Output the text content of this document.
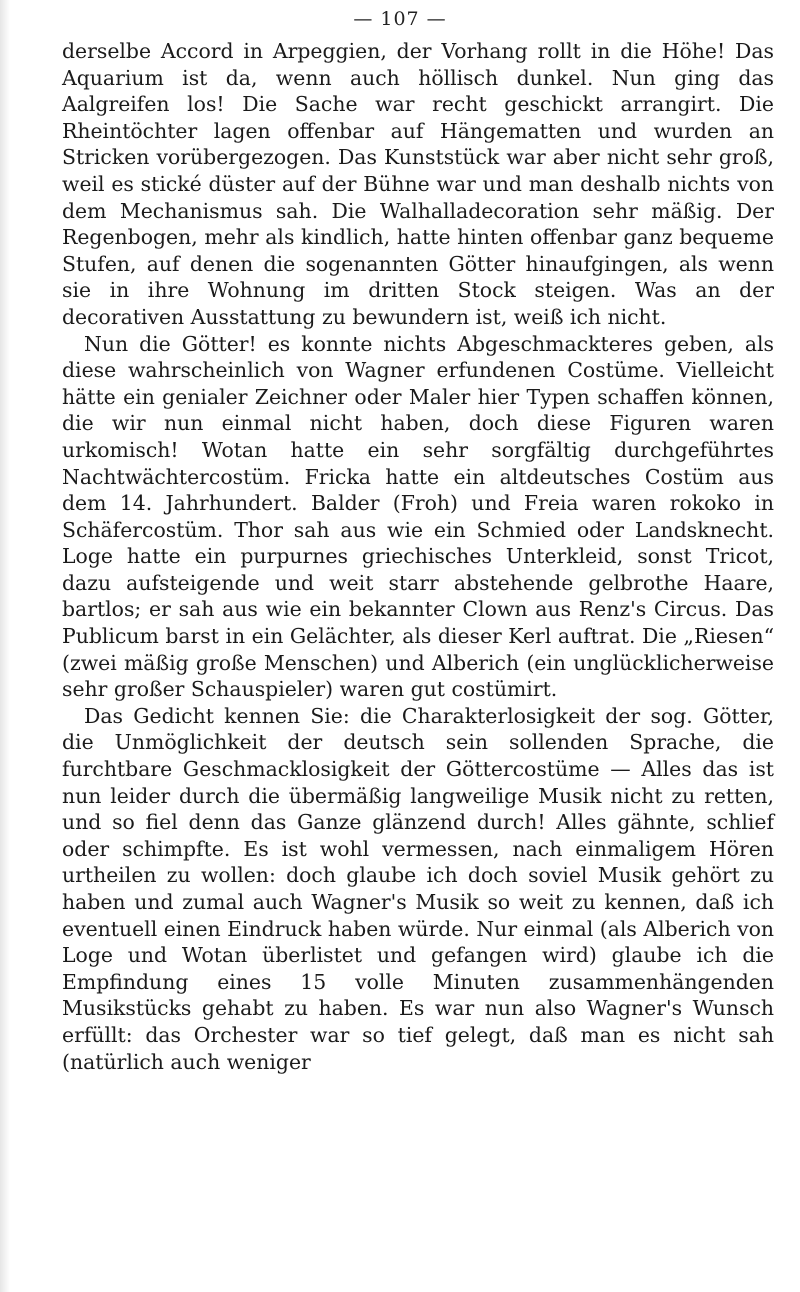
— 107 —

derselbe Accord in Arpeggien, der Vorhang rollt in die Höhe! Das Aquarium ist da, wenn auch höllisch dunkel. Nun ging das Aalgreifen los! Die Sache war recht geschickt arrangirt. Die Rheintöchter lagen offenbar auf Hängematten und wurden an Stricken vorübergezogen. Das Kunststück war aber nicht sehr groß, weil es stické düster auf der Bühne war und man deshalb nichts von dem Mechanismus sah. Die Walhalladecoration sehr mäßig. Der Regenbogen, mehr als kindlich, hatte hinten offenbar ganz bequeme Stufen, auf denen die sogenannten Götter hinaufgingen, als wenn sie in ihre Wohnung im dritten Stock steigen. Was an der decorativen Ausstattung zu bewundern ist, weiß ich nicht.

Nun die Götter! es konnte nichts Abgeschmackteres geben, als diese wahrscheinlich von Wagner erfundenen Costüme. Vielleicht hätte ein genialer Zeichner oder Maler hier Typen schaffen können, die wir nun einmal nicht haben, doch diese Figuren waren urkomisch! Wotan hatte ein sehr sorgfältig durchgeführtes Nachtwächtercostüm. Fricka hatte ein altdeutsches Costüm aus dem 14. Jahrhundert. Balder (Froh) und Freia waren rokoko in Schäfercostüm. Thor sah aus wie ein Schmied oder Landsknecht. Loge hatte ein purpurnes griechisches Unterkleid, sonst Tricot, dazu aufsteigende und weit starr abstehende gelbrothe Haare, bartlos; er sah aus wie ein bekannter Clown aus Renz's Circus. Das Publicum barst in ein Gelächter, als dieser Kerl auftrat. Die „Riesen“ (zwei mäßig große Menschen) und Alberich (ein unglücklicherweise sehr großer Schauspieler) waren gut costümirt.

Das Gedicht kennen Sie: die Charakterlosigkeit der sog. Götter, die Unmöglichkeit der deutsch sein sollenden Sprache, die furchtbare Geschmacklosigkeit der Göttercostüme — Alles das ist nun leider durch die übermäßig langweilige Musik nicht zu retten, und so fiel denn das Ganze glänzend durch! Alles gähnte, schlief oder schimpfte. Es ist wohl vermessen, nach einmaligem Hören urtheilen zu wollen: doch glaube ich doch soviel Musik gehört zu haben und zumal auch Wagner's Musik so weit zu kennen, daß ich eventuell einen Eindruck haben würde. Nur einmal (als Alberich von Loge und Wotan überlistet und gefangen wird) glaube ich die Empfindung eines 15 volle Minuten zusammenhängenden Musikstücks gehabt zu haben. Es war nun also Wagner's Wunsch erfüllt: das Orchester war so tief gelegt, daß man es nicht sah (natürlich auch weniger
